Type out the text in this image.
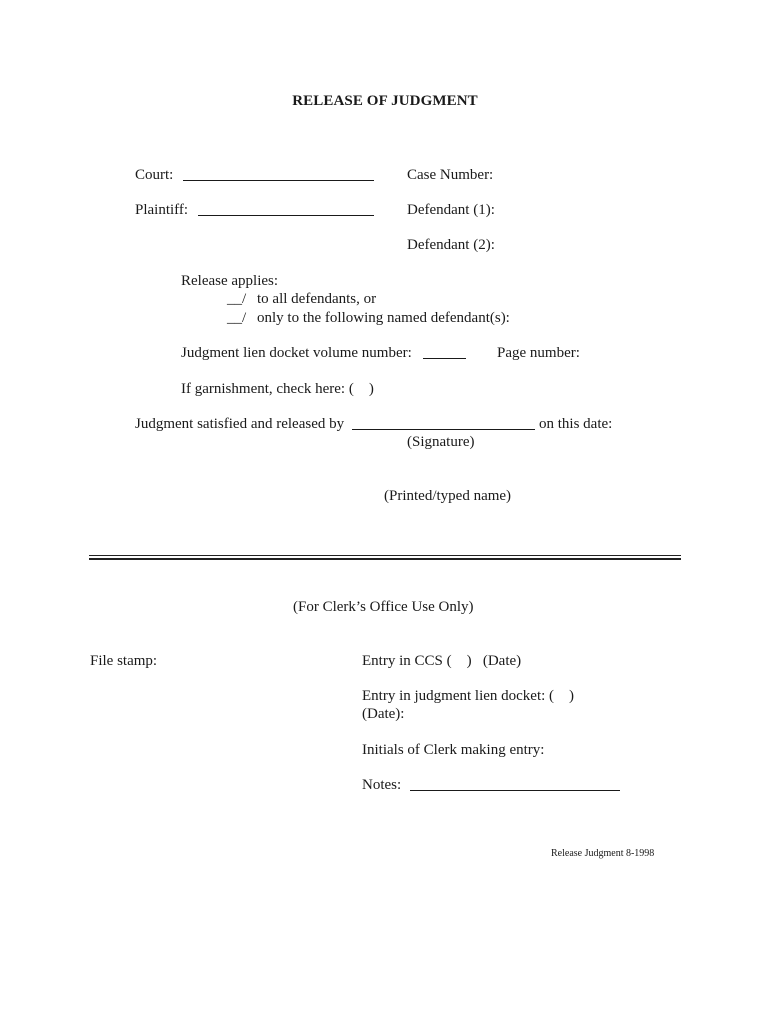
RELEASE OF JUDGMENT
Court:	Case Number:
Plaintiff:	Defendant (1):
Defendant (2):
Release applies:
__/ to all defendants, or
__/ only to the following named defendant(s):
Judgment lien docket volume number:	Page number:
If garnishment, check here: (    )
Judgment satisfied and released by	on this date:
(Signature)
(Printed/typed name)
(For Clerk’s Office Use Only)
File stamp:	Entry in CCS (    )   (Date)
Entry in judgment lien docket: (    )
(Date):
Initials of Clerk making entry:
Notes:
Release Judgment 8-1998
